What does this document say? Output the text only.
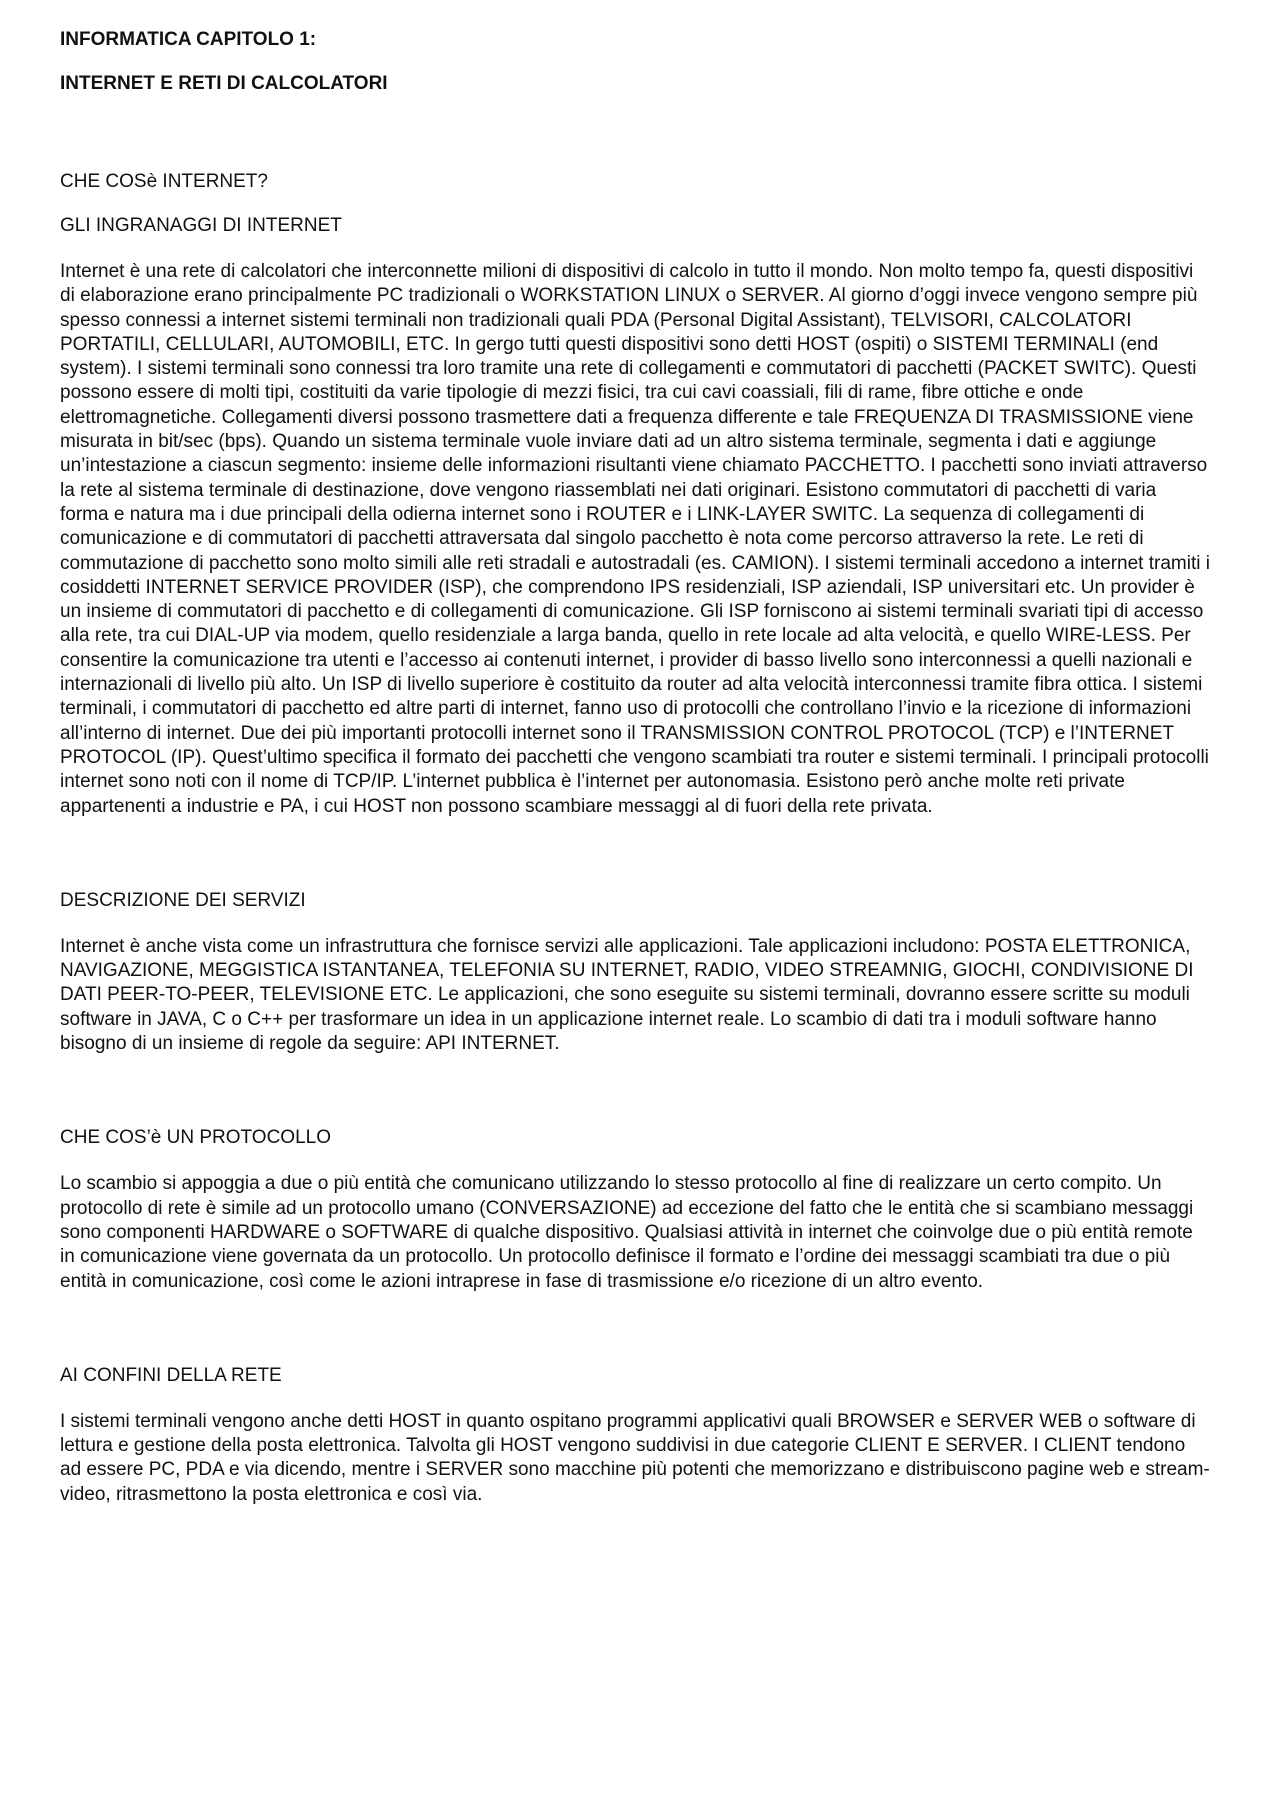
INFORMATICA CAPITOLO 1:

INTERNET E RETI DI CALCOLATORI

CHE COSè INTERNET?

GLI INGRANAGGI DI INTERNET

Internet è una rete di calcolatori che interconnette milioni di dispositivi di calcolo in tutto il mondo. Non molto tempo fa, questi dispositivi di elaborazione erano principalmente PC tradizionali o WORKSTATION LINUX o SERVER. Al giorno d’oggi invece vengono sempre più spesso connessi a internet sistemi terminali non tradizionali quali PDA (Personal Digital Assistant), TELVISORI, CALCOLATORI PORTATILI, CELLULARI, AUTOMOBILI, ETC. In gergo tutti questi dispositivi sono detti HOST (ospiti) o SISTEMI TERMINALI (end system). I sistemi terminali sono connessi tra loro tramite una rete di collegamenti e commutatori di pacchetti (PACKET SWITC). Questi possono essere di molti tipi, costituiti da varie tipologie di mezzi fisici, tra cui cavi coassiali, fili di rame, fibre ottiche e onde elettromagnetiche. Collegamenti diversi possono trasmettere dati a frequenza differente e tale FREQUENZA DI TRASMISSIONE viene misurata in bit/sec (bps). Quando un sistema terminale vuole inviare dati ad un altro sistema terminale, segmenta i dati e aggiunge un’intestazione a ciascun segmento: insieme delle informazioni risultanti viene chiamato PACCHETTO. I pacchetti sono inviati attraverso la rete al sistema terminale di destinazione, dove vengono riassemblati nei dati originari. Esistono commutatori di pacchetti di varia forma e natura ma i due principali della odierna internet sono i ROUTER e i LINK-LAYER SWITC. La sequenza di collegamenti di comunicazione e di commutatori di pacchetti attraversata dal singolo pacchetto è nota come percorso attraverso la rete. Le reti di commutazione di pacchetto sono molto simili alle reti stradali e autostradali (es. CAMION). I sistemi terminali accedono a internet tramiti i cosiddetti INTERNET SERVICE PROVIDER (ISP), che comprendono IPS residenziali, ISP aziendali, ISP universitari etc. Un provider è un insieme di commutatori di pacchetto e di collegamenti di comunicazione. Gli ISP forniscono ai sistemi terminali svariati tipi di accesso alla rete, tra cui DIAL-UP via modem, quello residenziale a larga banda, quello in rete locale ad alta velocità, e quello WIRE-LESS. Per consentire la comunicazione tra utenti e l’accesso ai contenuti internet, i provider di basso livello sono interconnessi a quelli nazionali e internazionali di livello più alto. Un ISP di livello superiore è costituito da router ad alta velocità interconnessi tramite fibra ottica. I sistemi terminali, i commutatori di pacchetto ed altre parti di internet, fanno uso di protocolli che controllano l’invio e la ricezione di informazioni all’interno di internet. Due dei più importanti protocolli internet sono il TRANSMISSION CONTROL PROTOCOL (TCP) e l’INTERNET PROTOCOL (IP). Quest’ultimo specifica il formato dei pacchetti che vengono scambiati tra router e sistemi terminali. I principali protocolli internet sono noti con il nome di TCP/IP. L’internet pubblica è l’internet per autonomasia. Esistono però anche molte reti private appartenenti a industrie e PA, i cui HOST non possono scambiare messaggi al di fuori della rete privata.

DESCRIZIONE DEI SERVIZI

Internet è anche vista come un infrastruttura che fornisce servizi alle applicazioni. Tale applicazioni includono: POSTA ELETTRONICA, NAVIGAZIONE, MEGGISTICA ISTANTANEA, TELEFONIA SU INTERNET, RADIO, VIDEO STREAMNIG, GIOCHI, CONDIVISIONE DI DATI PEER-TO-PEER, TELEVISIONE ETC. Le applicazioni, che sono eseguite su sistemi terminali, dovranno essere scritte su moduli software in JAVA, C o C++ per trasformare un idea in un applicazione internet reale. Lo scambio di dati tra i moduli software hanno bisogno di un insieme di regole da seguire: API INTERNET.

CHE COS’è UN PROTOCOLLO

Lo scambio si appoggia a due o più entità che comunicano utilizzando lo stesso protocollo al fine di realizzare un certo compito. Un protocollo di rete è simile ad un protocollo umano (CONVERSAZIONE) ad eccezione del fatto che le entità che si scambiano messaggi sono componenti HARDWARE o SOFTWARE di qualche dispositivo. Qualsiasi attività in internet che coinvolge due o più entità remote in comunicazione viene governata da un protocollo. Un protocollo definisce il formato e l’ordine dei messaggi scambiati tra due o più entità in comunicazione, così come le azioni intraprese in fase di trasmissione e/o ricezione di un altro evento.

AI CONFINI DELLA RETE

I sistemi terminali vengono anche detti HOST in quanto ospitano programmi applicativi quali BROWSER e SERVER WEB o software di lettura e gestione della posta elettronica. Talvolta gli HOST vengono suddivisi in due categorie CLIENT E SERVER. I CLIENT tendono ad essere PC, PDA e via dicendo, mentre i SERVER sono macchine più potenti che memorizzano e distribuiscono pagine web e stream-video, ritrasmettono la posta elettronica e così via.
